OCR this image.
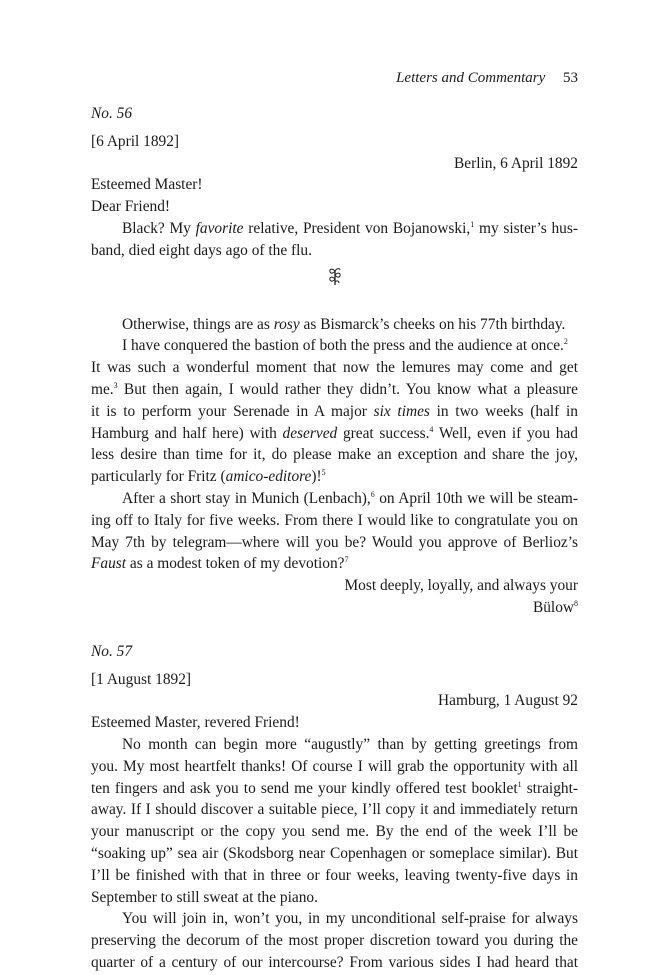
Letters and Commentary 53
No. 56
[6 April 1892]
Berlin, 6 April 1892
Esteemed Master!
Dear Friend!
Black? My favorite relative, President von Bojanowski,$^1$ my sister’s hus-
band, died eight days ago of the flu.
Otherwise, things are as rosy as Bismarck’s cheeks on his 77th birthday.
I have conquered the bastion of both the press and the audience at once.$^2$
It was such a wonderful moment that now the lemures may come and get
me.$^3$ But then again, I would rather they didn’t. You know what a pleasure
it is to perform your Serenade in A major six times in two weeks (half in
Hamburg and half here) with deserved great success.$^4$ Well, even if you had
less desire than time for it, do please make an exception and share the joy,
particularly for Fritz (amico-editore)!$^5$
After a short stay in Munich (Lenbach),$^6$ on April 10th we will be steam-
ing off to Italy for five weeks. From there I would like to congratulate you on
May 7th by telegram—where will you be? Would you approve of Berlioz’s
Faust as a modest token of my devotion?$^7$
Most deeply, loyally, and always your
Bülow$^8$
No. 57
[1 August 1892]
Hamburg, 1 August 92
Esteemed Master, revered Friend!
No month can begin more “augustly” than by getting greetings from
you. My most heartfelt thanks! Of course I will grab the opportunity with all
ten fingers and ask you to send me your kindly offered test booklet$^1$ straight-
away. If I should discover a suitable piece, I’ll copy it and immediately return
your manuscript or the copy you send me. By the end of the week I’ll be
“soaking up” sea air (Skodsborg near Copenhagen or someplace similar). But
I’ll be finished with that in three or four weeks, leaving twenty-five days in
September to still sweat at the piano.
You will join in, won’t you, in my unconditional self-praise for always
preserving the decorum of the most proper discretion toward you during the
quarter of a century of our intercourse? From various sides I had heard that
